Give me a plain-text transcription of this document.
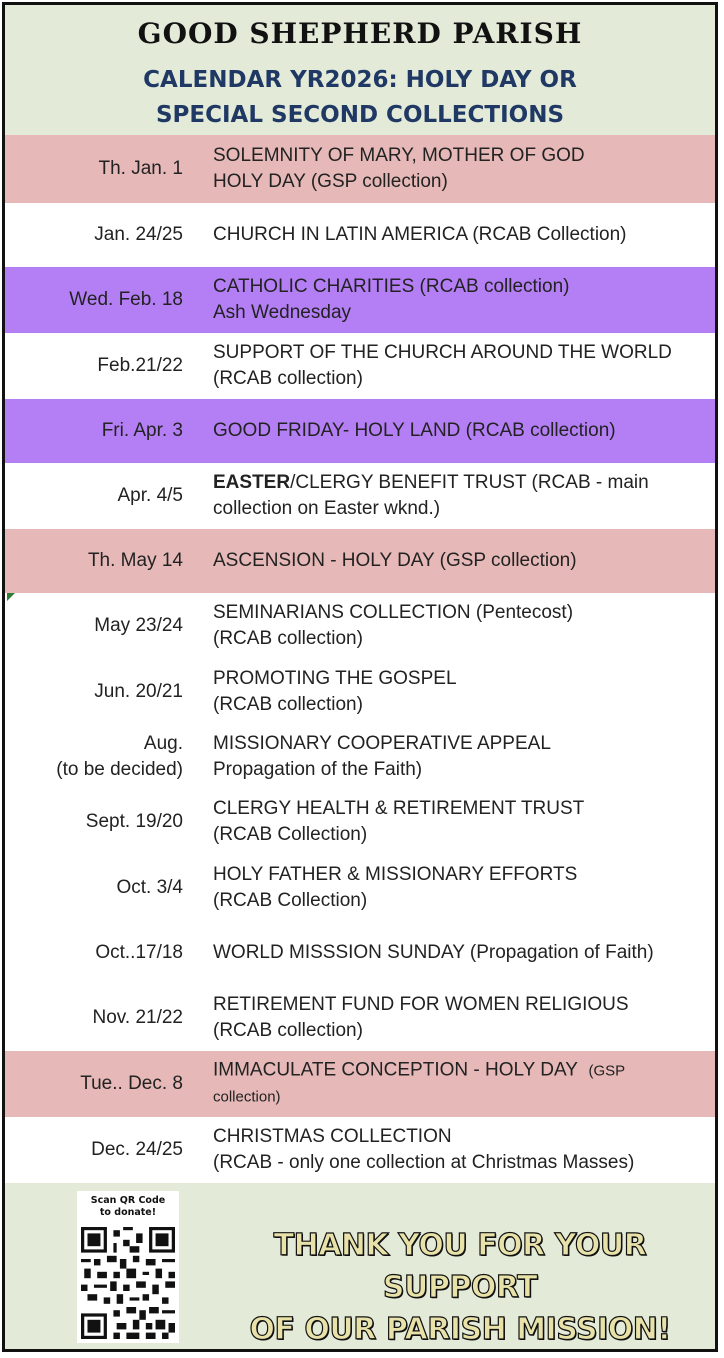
GOOD SHEPHERD PARISH
CALENDAR YR2026: HOLY DAY OR
SPECIAL SECOND COLLECTIONS
Th. Jan. 1
SOLEMNITY OF MARY, MOTHER OF GOD
HOLY DAY (GSP collection)
Jan. 24/25 CHURCH IN LATIN AMERICA (RCAB Collection)
Wed. Feb. 18
CATHOLIC CHARITIES (RCAB collection)
Ash Wednesday
Feb.21/22
SUPPORT OF THE CHURCH AROUND THE WORLD
(RCAB collection)
Fri. Apr. 3 GOOD FRIDAY- HOLY LAND (RCAB collection)
Apr. 4/5
EASTER/CLERGY BENEFIT TRUST (RCAB - main
collection on Easter wknd.)
Th. May 14 ASCENSION - HOLY DAY (GSP collection)
May 23/24
SEMINARIANS COLLECTION (Pentecost)
(RCAB collection)
Jun. 20/21
PROMOTING THE GOSPEL
(RCAB collection)
Aug.
(to be decided)
MISSIONARY COOPERATIVE APPEAL
Propagation of the Faith)
Sept. 19/20
CLERGY HEALTH & RETIREMENT TRUST
(RCAB Collection)
Oct. 3/4
HOLY FATHER & MISSIONARY EFFORTS
(RCAB Collection)
Oct..17/18 WORLD MISSSION SUNDAY (Propagation of Faith)
Nov. 21/22
RETIREMENT FUND FOR WOMEN RELIGIOUS
(RCAB collection)
Tue.. Dec. 8
IMMACULATE CONCEPTION - HOLY DAY (GSP
collection)
Dec. 24/25
CHRISTMAS COLLECTION
(RCAB - only one collection at Christmas Masses)
Scan QR Code
to donate!
THANK YOU FOR YOUR SUPPORT
OF OUR PARISH MISSION!
